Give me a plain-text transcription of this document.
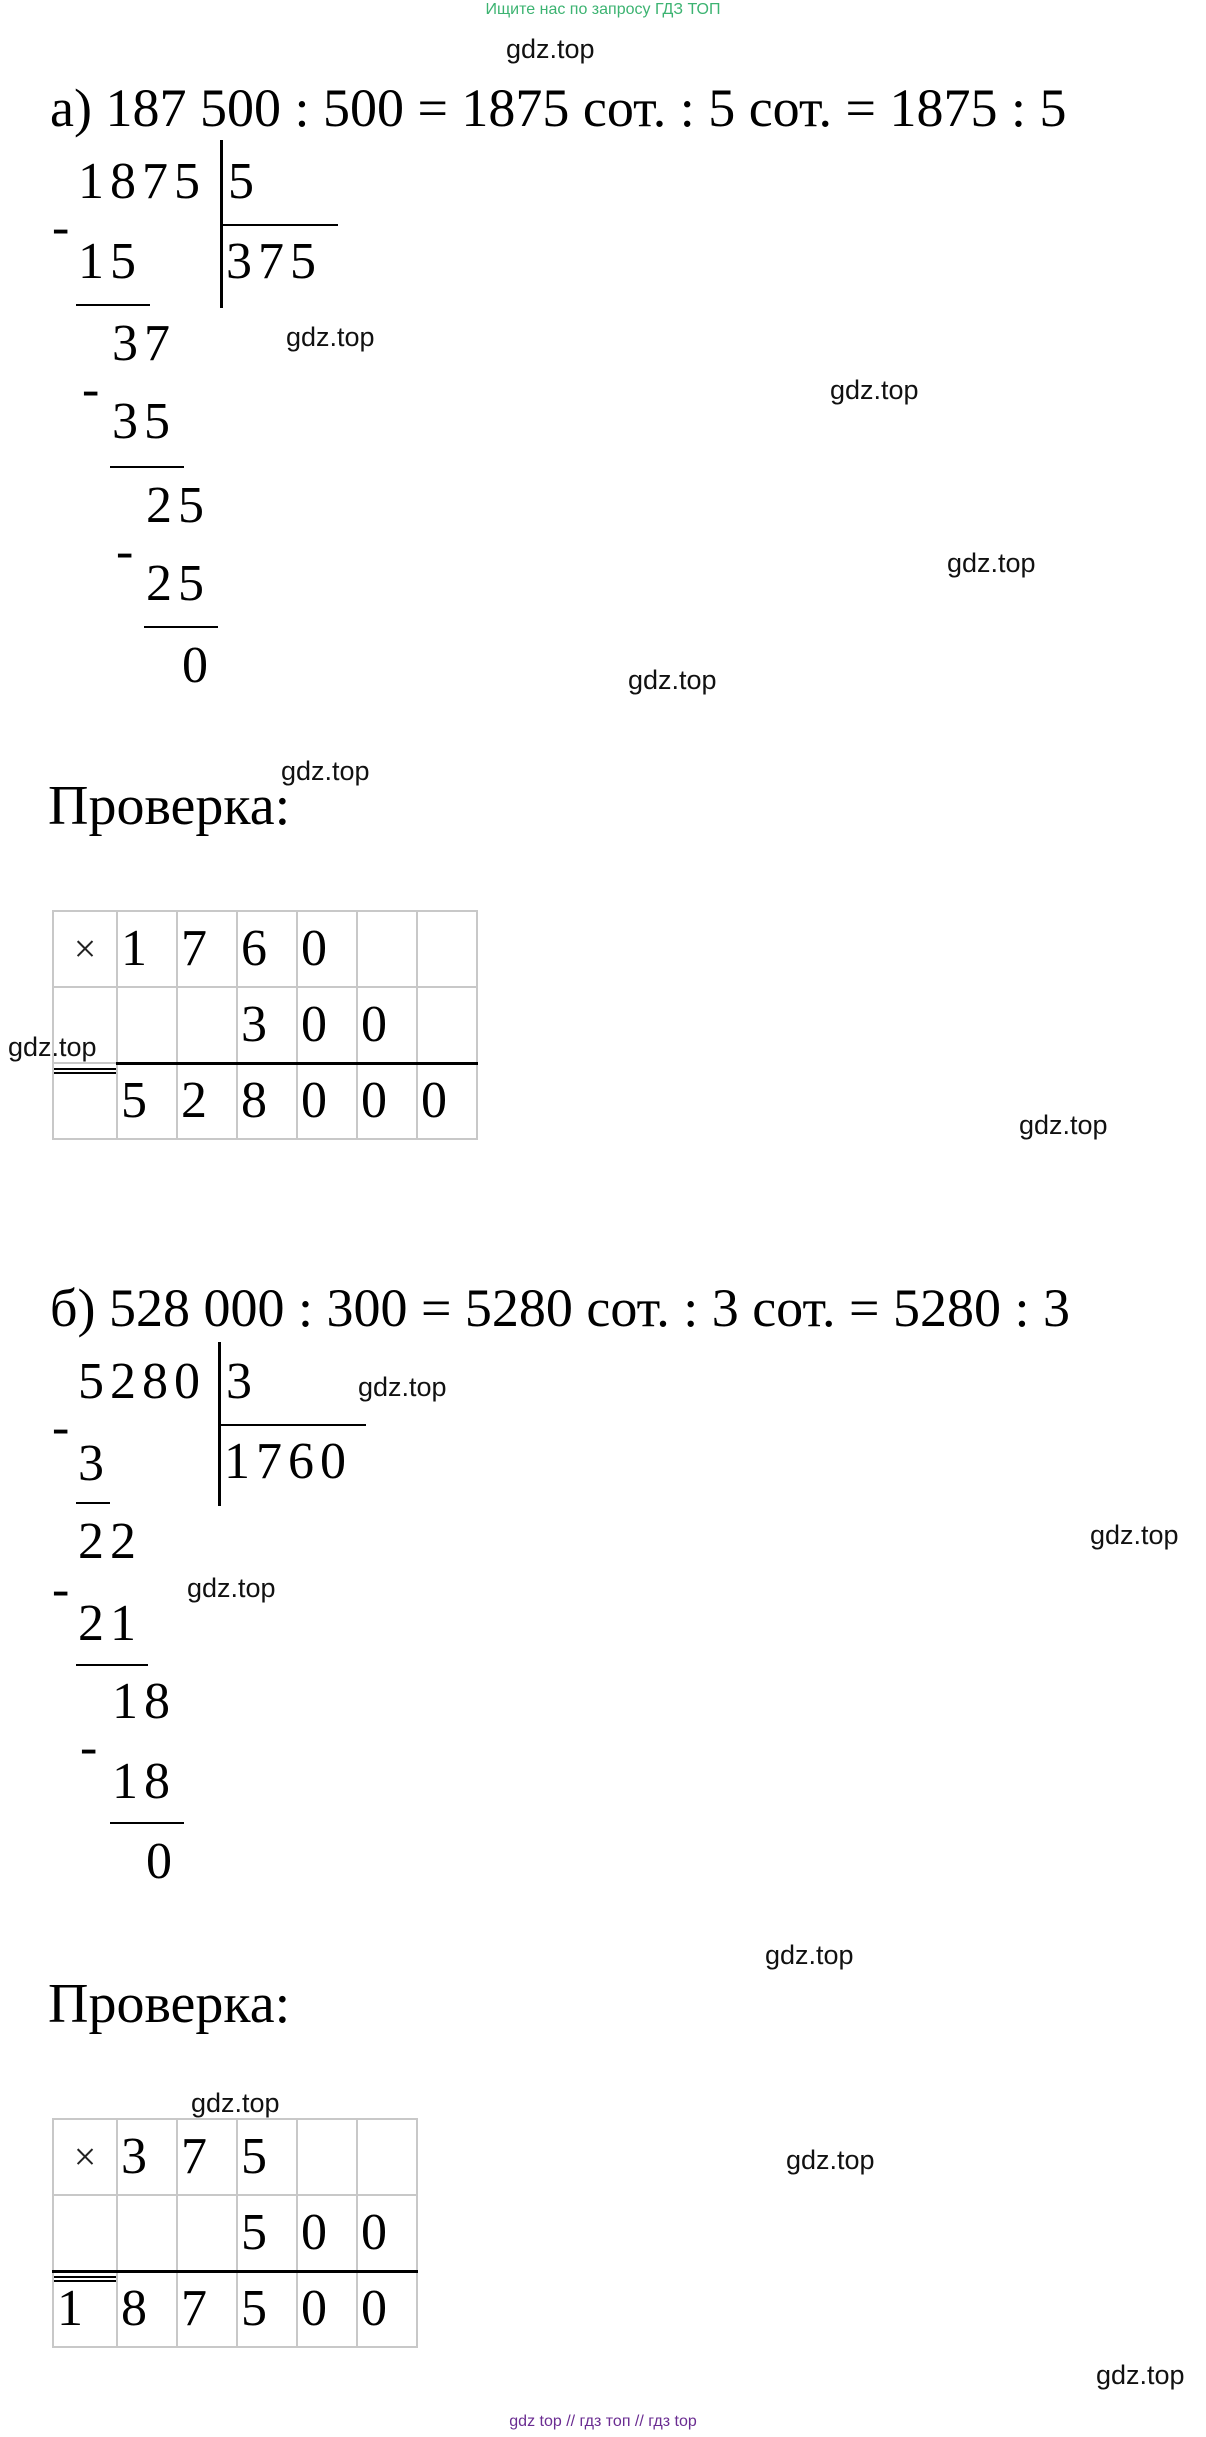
Ищите нас по запросу ГДЗ ТОП
gdz.top
gdz.top
gdz.top
gdz.top
gdz.top
gdz.top
gdz.top
gdz.top
gdz.top
gdz.top
gdz.top
gdz.top
gdz.top
gdz.top
gdz.top
а) 187 500 : 500 = 1875 сот. : 5 сот. = 1875 : 5
1875 5
375
-
15
37
-
35
25
-
25
0
Проверка:
×	1	7	6	0		
			3	0	0	
	5	2	8	0	0	0
б) 528 000 : 300 = 5280 сот. : 3 сот. = 5280 : 3
5280 3
1760
-
3
22
-
21
18
-
18
0
Проверка:
×	3	7	5		
			5	0	0
1	8	7	5	0	0
gdz top // гдз топ // гдз top
